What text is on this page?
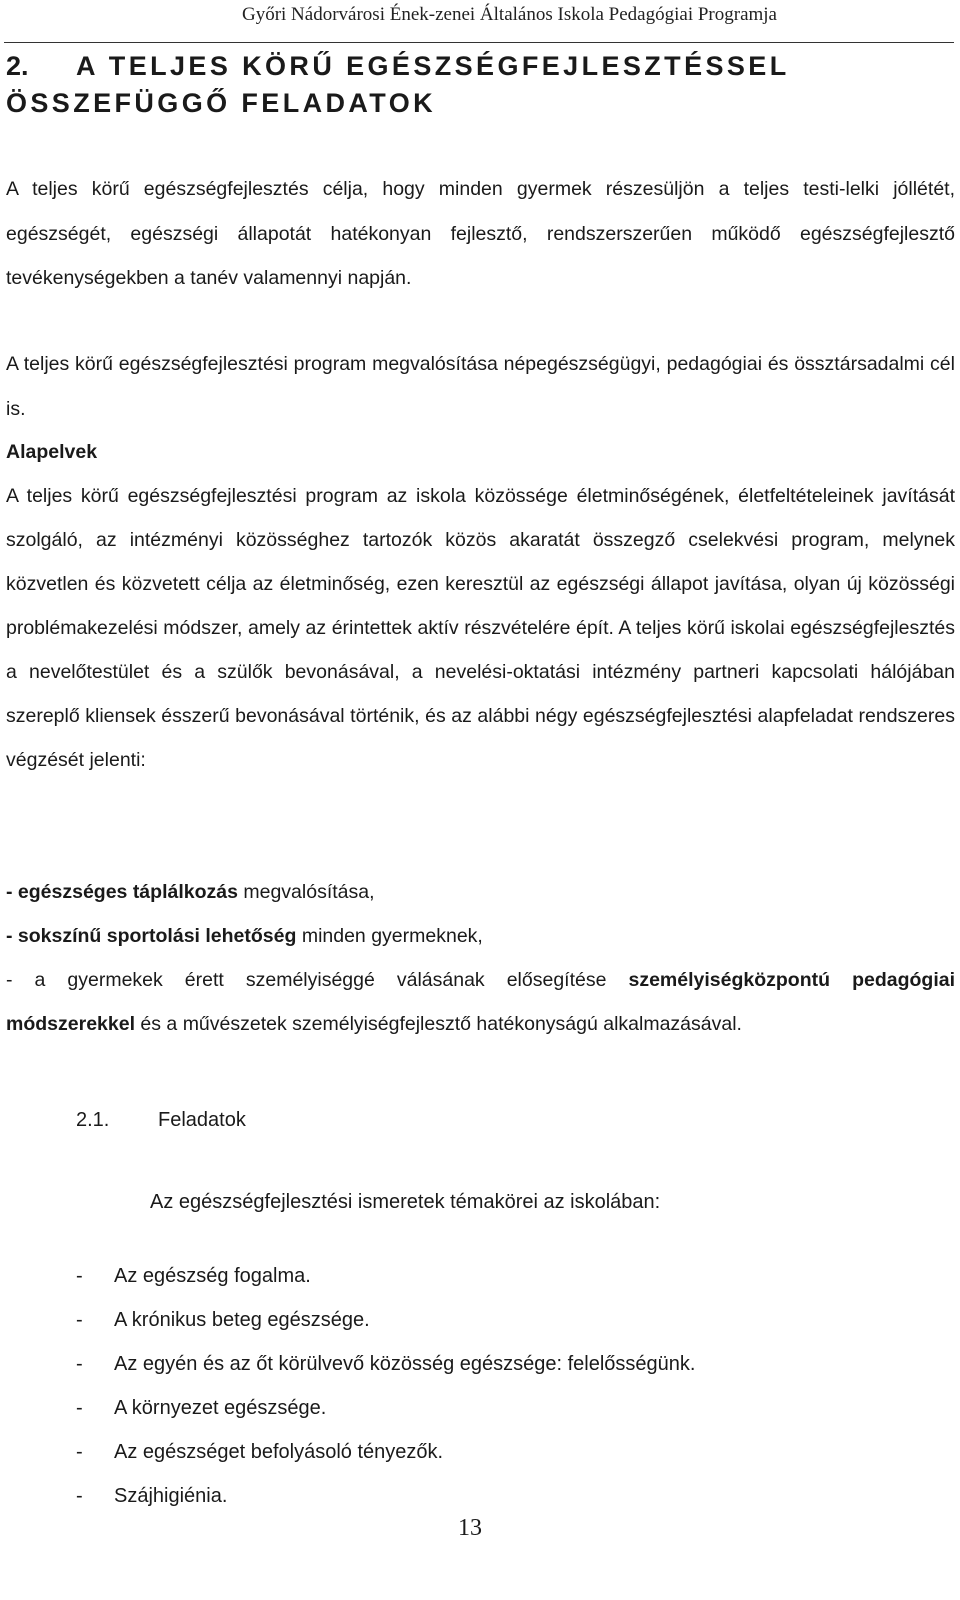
Győri Nádorvárosi Ének-zenei Általános Iskola Pedagógiai Programja
2. A TELJES KÖRŰ EGÉSZSÉGFEJLESZTÉSSEL
ÖSSZEFÜGGŐ FELADATOK
A teljes körű egészségfejlesztés célja, hogy minden gyermek részesüljön a teljes testi-lelki jóllétét, egészségét, egészségi állapotát hatékonyan fejlesztő, rendszerszerűen működő egészségfejlesztő tevékenységekben a tanév valamennyi napján.
A teljes körű egészségfejlesztési program megvalósítása népegészségügyi, pedagógiai és össztársadalmi cél is.
Alapelvek
A teljes körű egészségfejlesztési program az iskola közössége életminőségének, életfeltételeinek javítását szolgáló, az intézményi közösséghez tartozók közös akaratát összegző cselekvési program, melynek közvetlen és közvetett célja az életminőség, ezen keresztül az egészségi állapot javítása, olyan új közösségi problémakezelési módszer, amely az érintettek aktív részvételére épít. A teljes körű iskolai egészségfejlesztés a nevelőtestület és a szülők bevonásával, a nevelési-oktatási intézmény partneri kapcsolati hálójában szereplő kliensek ésszerű bevonásával történik, és az alábbi négy egészségfejlesztési alapfeladat rendszeres végzését jelenti:
- egészséges táplálkozás megvalósítása,
- sokszínű sportolási lehetőség minden gyermeknek,
- a gyermekek érett személyiséggé válásának elősegítése személyiségközpontú pedagógiai módszerekkel és a művészetek személyiségfejlesztő hatékonyságú alkalmazásával.
2.1. Feladatok
Az egészségfejlesztési ismeretek témakörei az iskolában:
- Az egészség fogalma.
- A krónikus beteg egészsége.
- Az egyén és az őt körülvevő közösség egészsége: felelősségünk.
- A környezet egészsége.
- Az egészséget befolyásoló tényezők.
- Szájhigiénia.
13
